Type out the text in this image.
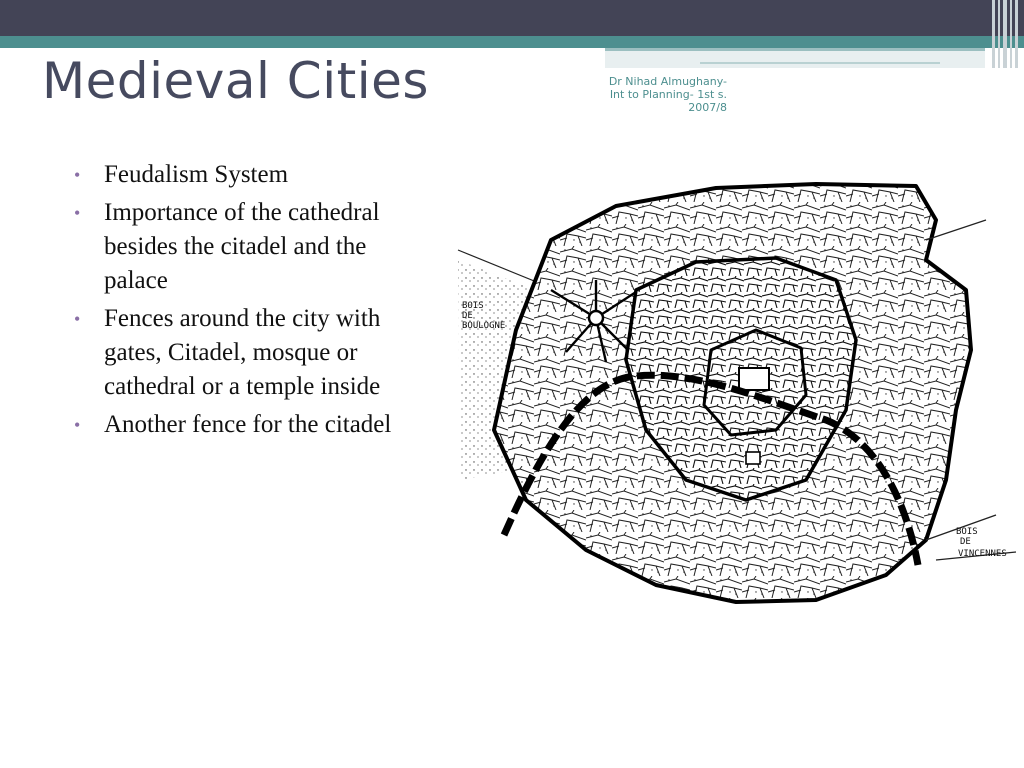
Medieval Cities	Dr Nihad Almughany-
Int to Planning- 1st s.
2007/8
• Feudalism System
• Importance of the cathedral
besides the citadel and the
palace
• Fences around the city with
gates, Citadel, mosque or
cathedral or a temple inside
• Another fence for the citadel
BOIS
DE
BOULOGNE
BOIS
DE
VINCENNES
